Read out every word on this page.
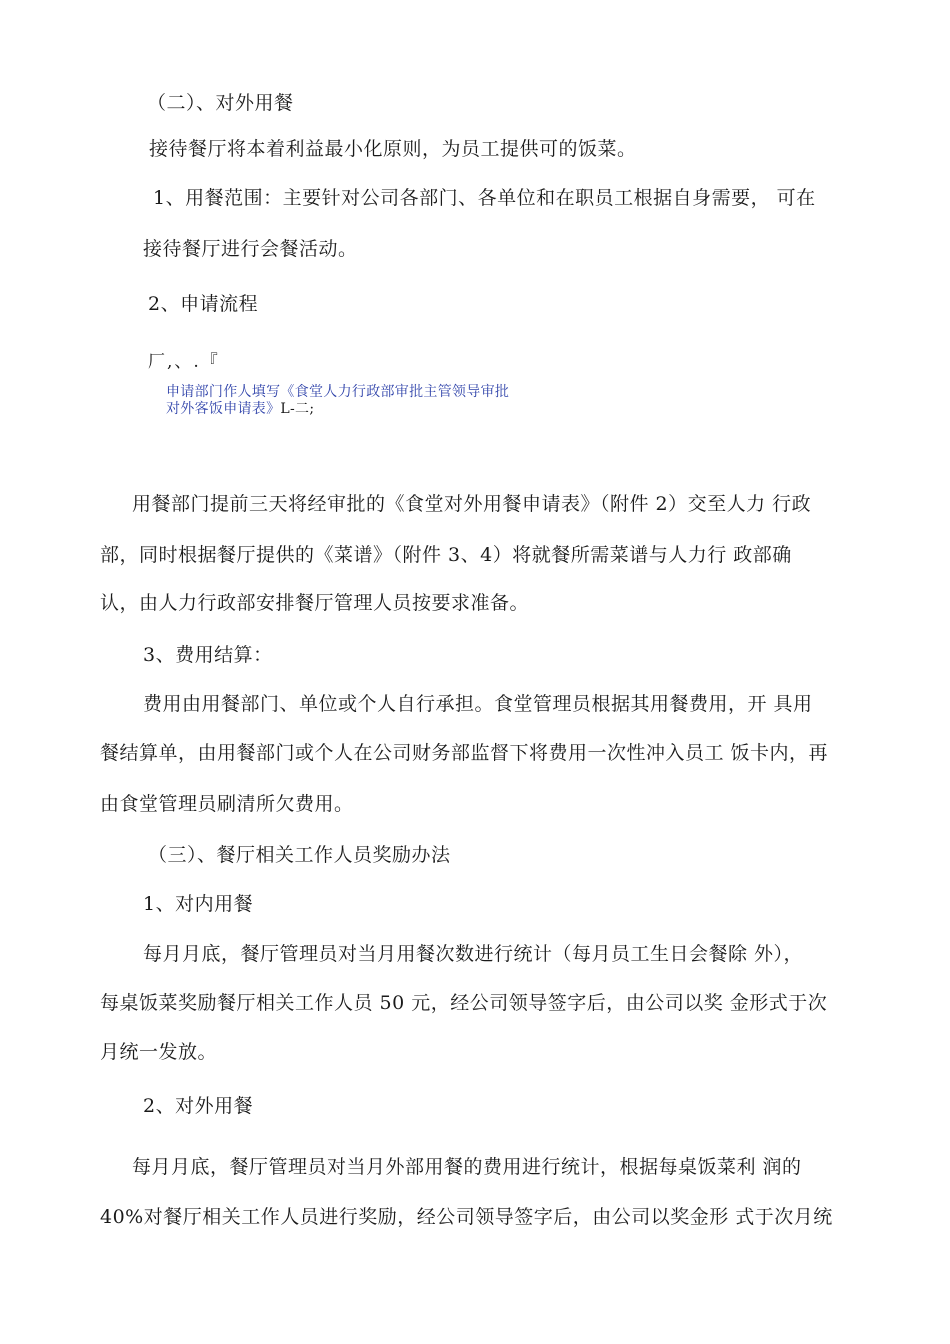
（二）、对外用餐
接待餐厅将本着利益最小化原则，为员工提供可的饭菜。
1、用餐范围：主要针对公司各部门、各单位和在职员工根据自身需要， 可在
接待餐厅进行会餐活动。
2、申请流程
厂,、.『
申请部门作人填写《食堂人力行政部审批主管领导审批
对外客饭申请表》L-二;
用餐部门提前三天将经审批的《食堂对外用餐申请表》（附件 2）交至人力 行政
部，同时根据餐厅提供的《菜谱》（附件 3、4）将就餐所需菜谱与人力行 政部确
认，由人力行政部安排餐厅管理人员按要求准备。
3、费用结算：
费用由用餐部门、单位或个人自行承担。食堂管理员根据其用餐费用，开 具用
餐结算单，由用餐部门或个人在公司财务部监督下将费用一次性冲入员工 饭卡内，再
由食堂管理员刷清所欠费用。
（三）、餐厅相关工作人员奖励办法
1、对内用餐
每月月底，餐厅管理员对当月用餐次数进行统计（每月员工生日会餐除 外），
每桌饭菜奖励餐厅相关工作人员 50 元，经公司领导签字后，由公司以奖 金形式于次
月统一发放。
2、对外用餐
每月月底，餐厅管理员对当月外部用餐的费用进行统计，根据每桌饭菜利 润的
40%对餐厅相关工作人员进行奖励，经公司领导签字后，由公司以奖金形 式于次月统
